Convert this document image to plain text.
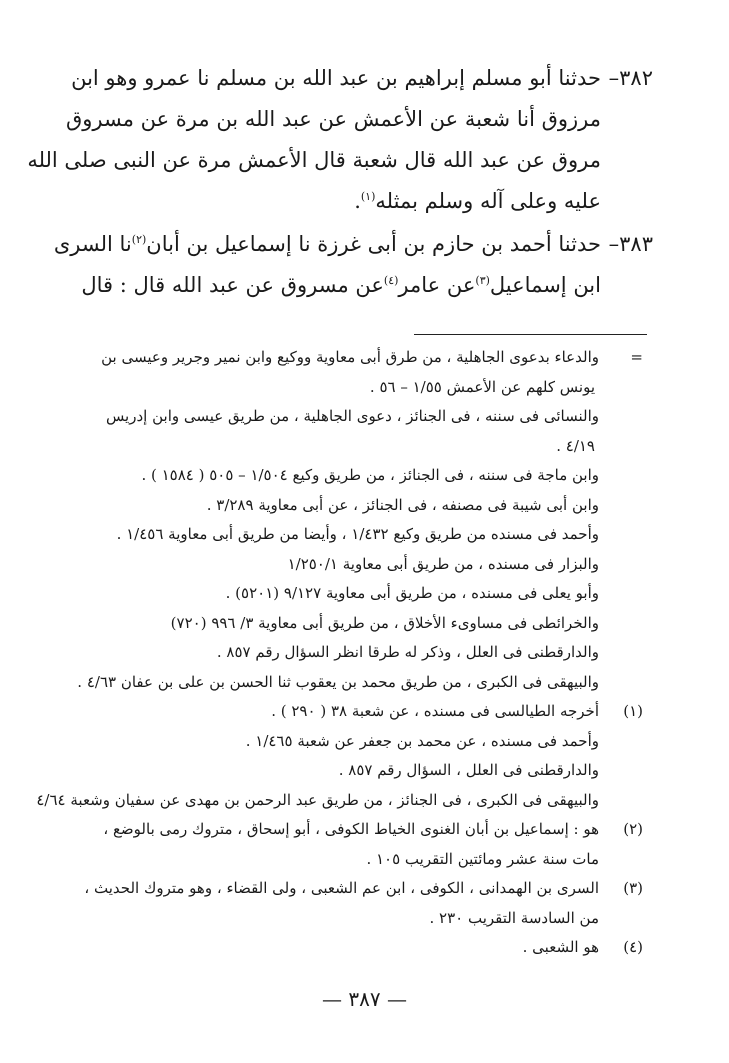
٣٨٢–
حدثنا أبو مسلم إبراهيم بن عبد الله بن مسلم نا عمرو وهو ابن
مرزوق أنا شعبة عن الأعمش عن عبد الله بن مرة عن مسروق
مروق عن عبد الله قال شعبة قال الأعمش مرة عن النبى صلى الله
عليه وعلى آله وسلم بمثله$^{(١)}$.
٣٨٣–
حدثنا أحمد بن حازم بن أبى غرزة نا إسماعيل بن أبان$^{(٢)}$نا السرى
ابن إسماعيل$^{(٣)}$عن عامر$^{(٤)}$عن مسروق عن عبد الله قال : قال
=
والدعاء بدعوى الجاهلية ، من طرق أبى معاوية ووكيع وابن نمير وجرير وعيسى بن
يونس كلهم عن الأعمش ١/٥٥ – ٥٦ .
والنسائى فى سننه ، فى الجنائز ، دعوى الجاهلية ، من طريق عيسى وابن إدريس
٤/١٩ .
وابن ماجة فى سننه ، فى الجنائز ، من طريق وكيع ١/٥٠٤ – ٥٠٥ ( ١٥٨٤ ) .
وابن أبى شيبة فى مصنفه ، فى الجنائز ، عن أبى معاوية ٣/٢٨٩ .
وأحمد فى مسنده من طريق وكيع ١/٤٣٢ ، وأيضا من طريق أبى معاوية ١/٤٥٦ .
والبزار فى مسنده ، من طريق أبى معاوية ١/٢٥٠/١
وأبو يعلى فى مسنده ، من طريق أبى معاوية ٩/١٢٧ (٥٢٠١) .
والخرائطى فى مساوىء الأخلاق ، من طريق أبى معاوية ٣/ ٩٩٦ (٧٢٠)
والدارقطنى فى العلل ، وذكر له طرقا انظر السؤال رقم ٨٥٧ .
والبيهقى فى الكبرى ، من طريق محمد بن يعقوب ثنا الحسن بن على بن عفان ٤/٦٣ .
(١)
أخرجه الطيالسى فى مسنده ، عن شعبة ٣٨ ( ٢٩٠ ) .
وأحمد فى مسنده ، عن محمد بن جعفر عن شعبة ١/٤٦٥ .
والدارقطنى فى العلل ، السؤال رقم ٨٥٧ .
والبيهقى فى الكبرى ، فى الجنائز ، من طريق عبد الرحمن بن مهدى عن سفيان وشعبة ٤/٦٤
(٢)
هو : إسماعيل بن أبان الغنوى الخياط الكوفى ، أبو إسحاق ، متروك رمى بالوضع ،
مات سنة عشر ومائتين التقريب ١٠٥ .
(٣)
السرى بن الهمدانى ، الكوفى ، ابن عم الشعبى ، ولى القضاء ، وهو متروك الحديث ،
من السادسة التقريب ٢٣٠ .
(٤)
هو الشعبى .
— ٣٨٧ —
